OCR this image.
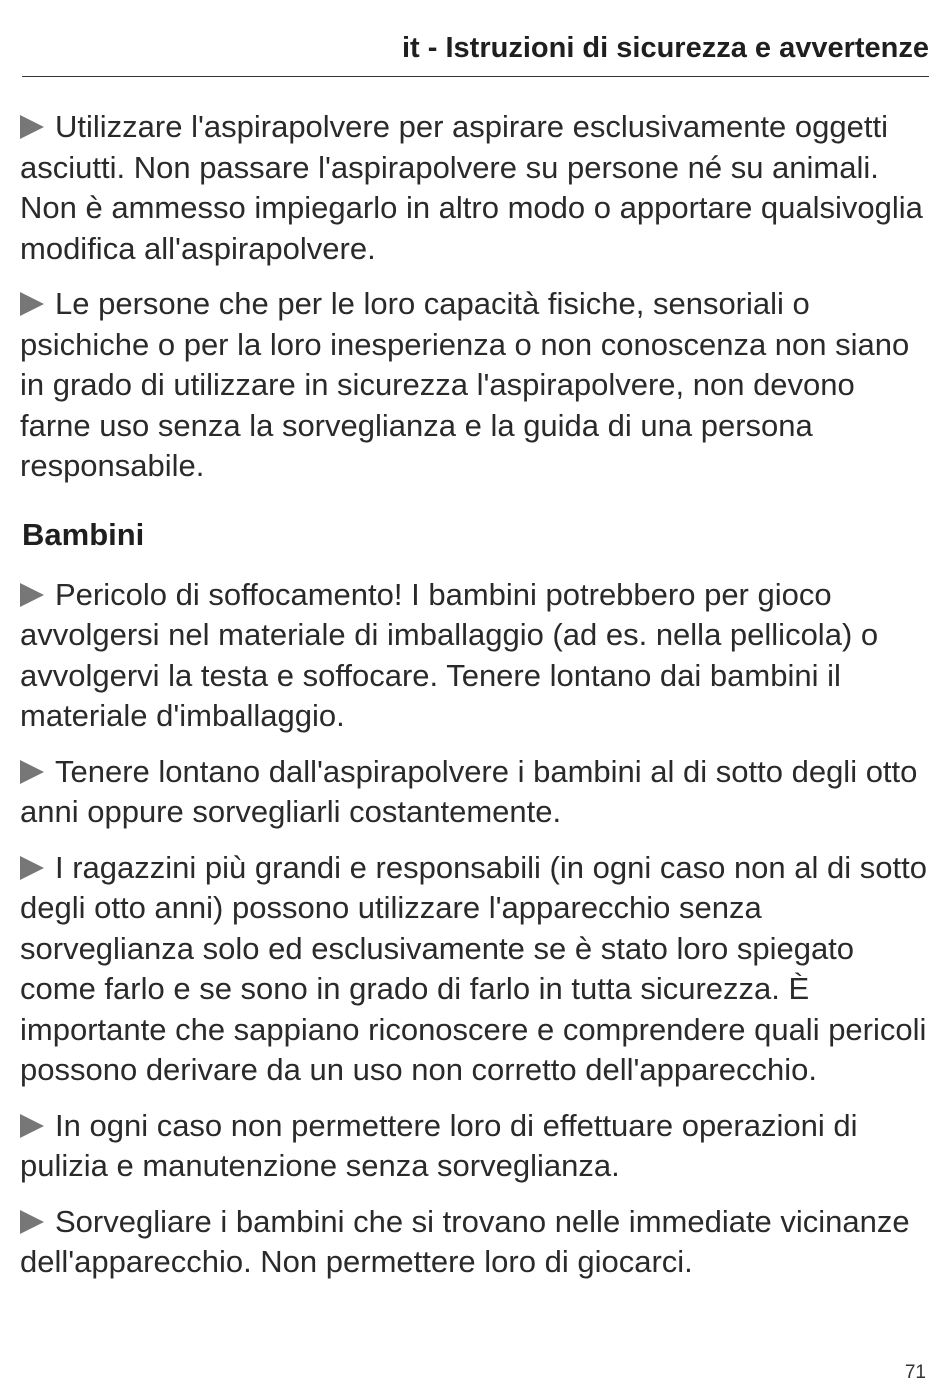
it - Istruzioni di sicurezza e avvertenze

Utilizzare l'aspirapolvere per aspirare esclusivamente oggetti asciutti. Non passare l'aspirapolvere su persone né su animali. Non è ammesso impiegarlo in altro modo o apportare qualsivoglia modifica all'aspirapolvere.

Le persone che per le loro capacità fisiche, sensoriali o psichiche o per la loro inesperienza o non conoscenza non siano in grado di utilizzare in sicurezza l'aspirapolvere, non devono farne uso senza la sorveglianza e la guida di una persona responsabile.

Bambini

Pericolo di soffocamento! I bambini potrebbero per gioco avvolgersi nel materiale di imballaggio (ad es. nella pellicola) o avvolgervi la testa e soffocare. Tenere lontano dai bambini il materiale d'imballaggio.

Tenere lontano dall'aspirapolvere i bambini al di sotto degli otto anni oppure sorvegliarli costantemente.

I ragazzini più grandi e responsabili (in ogni caso non al di sotto degli otto anni) possono utilizzare l'apparecchio senza sorveglianza solo ed esclusivamente se è stato loro spiegato come farlo e se sono in grado di farlo in tutta sicurezza. È importante che sappiano riconoscere e comprendere quali pericoli possono derivare da un uso non corretto dell'apparecchio.

In ogni caso non permettere loro di effettuare operazioni di pulizia e manutenzione senza sorveglianza.

Sorvegliare i bambini che si trovano nelle immediate vicinanze dell'apparecchio. Non permettere loro di giocarci.

71
